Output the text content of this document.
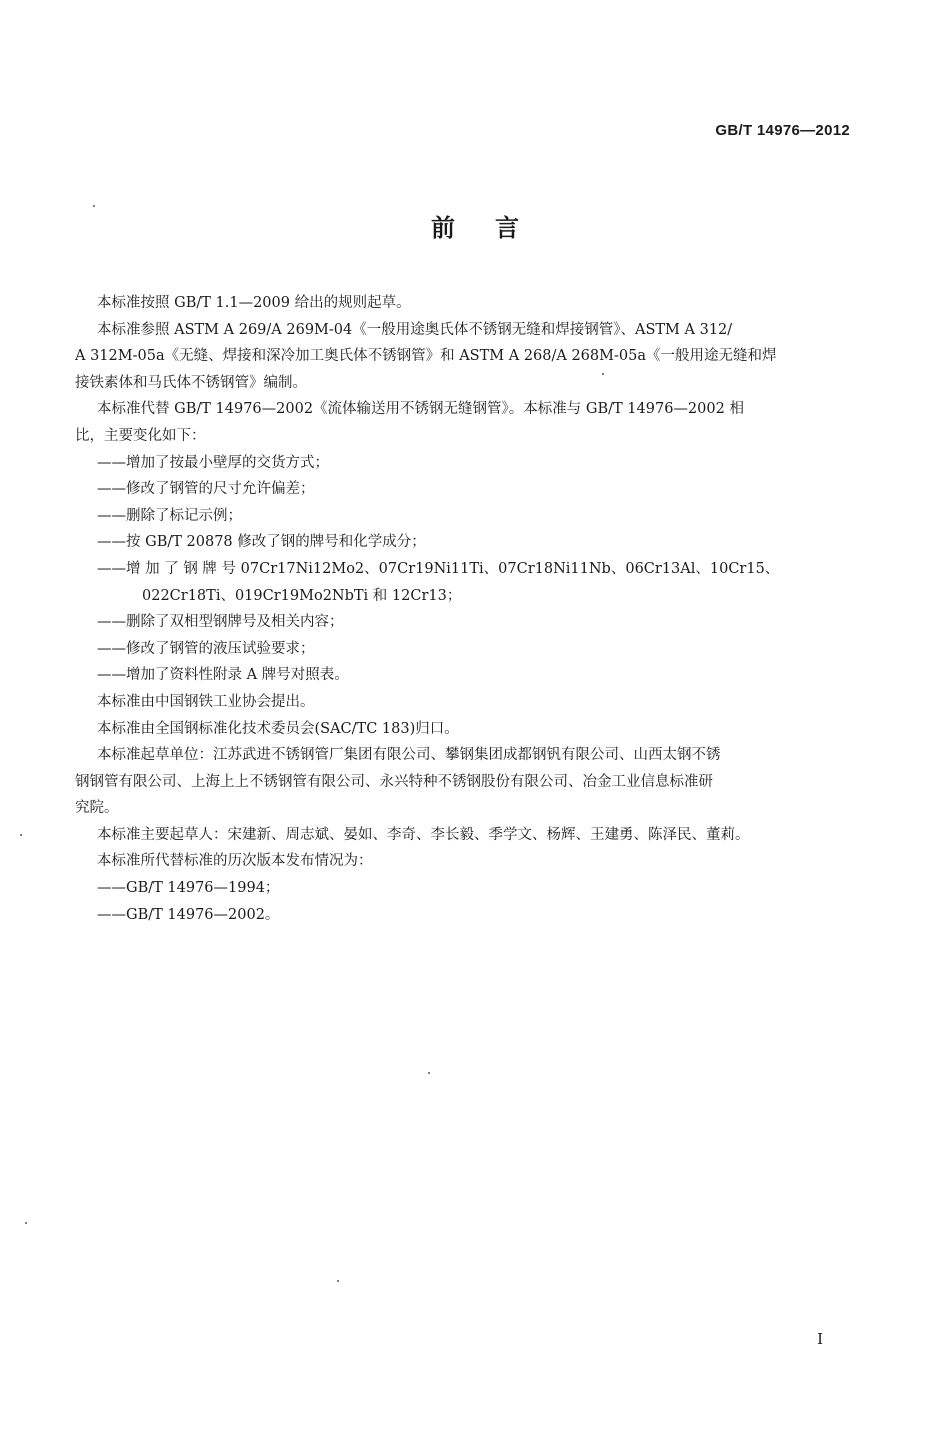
GB/T 14976—2012
前言

本标准按照 GB/T 1.1—2009 给出的规则起草。

本标准参照 ASTM A 269/A 269M-04《一般用途奥氏体不锈钢无缝和焊接钢管》、ASTM A 312/

A 312M-05a《无缝、焊接和深冷加工奥氏体不锈钢管》和 ASTM A 268/A 268M-05a《一般用途无缝和焊

接铁素体和马氏体不锈钢管》编制。

本标准代替 GB/T 14976—2002《流体输送用不锈钢无缝钢管》。本标准与 GB/T 14976—2002 相

比，主要变化如下：

——增加了按最小壁厚的交货方式；

——修改了钢管的尺寸允许偏差；

——删除了标记示例；

——按 GB/T 20878 修改了钢的牌号和化学成分；

——增 加 了 钢 牌 号 07Cr17Ni12Mo2、07Cr19Ni11Ti、07Cr18Ni11Nb、06Cr13Al、10Cr15、

022Cr18Ti、019Cr19Mo2NbTi 和 12Cr13；

——删除了双相型钢牌号及相关内容；

——修改了钢管的液压试验要求；

——增加了资料性附录 A 牌号对照表。

本标准由中国钢铁工业协会提出。

本标准由全国钢标准化技术委员会(SAC/TC 183)归口。

本标准起草单位：江苏武进不锈钢管厂集团有限公司、攀钢集团成都钢钒有限公司、山西太钢不锈

钢钢管有限公司、上海上上不锈钢管有限公司、永兴特种不锈钢股份有限公司、冶金工业信息标准研

究院。

本标准主要起草人：宋建新、周志斌、晏如、李奇、李长毅、季学文、杨辉、王建勇、陈泽民、董莉。

本标准所代替标准的历次版本发布情况为：

——GB/T 14976—1994；

——GB/T 14976—2002。

I
